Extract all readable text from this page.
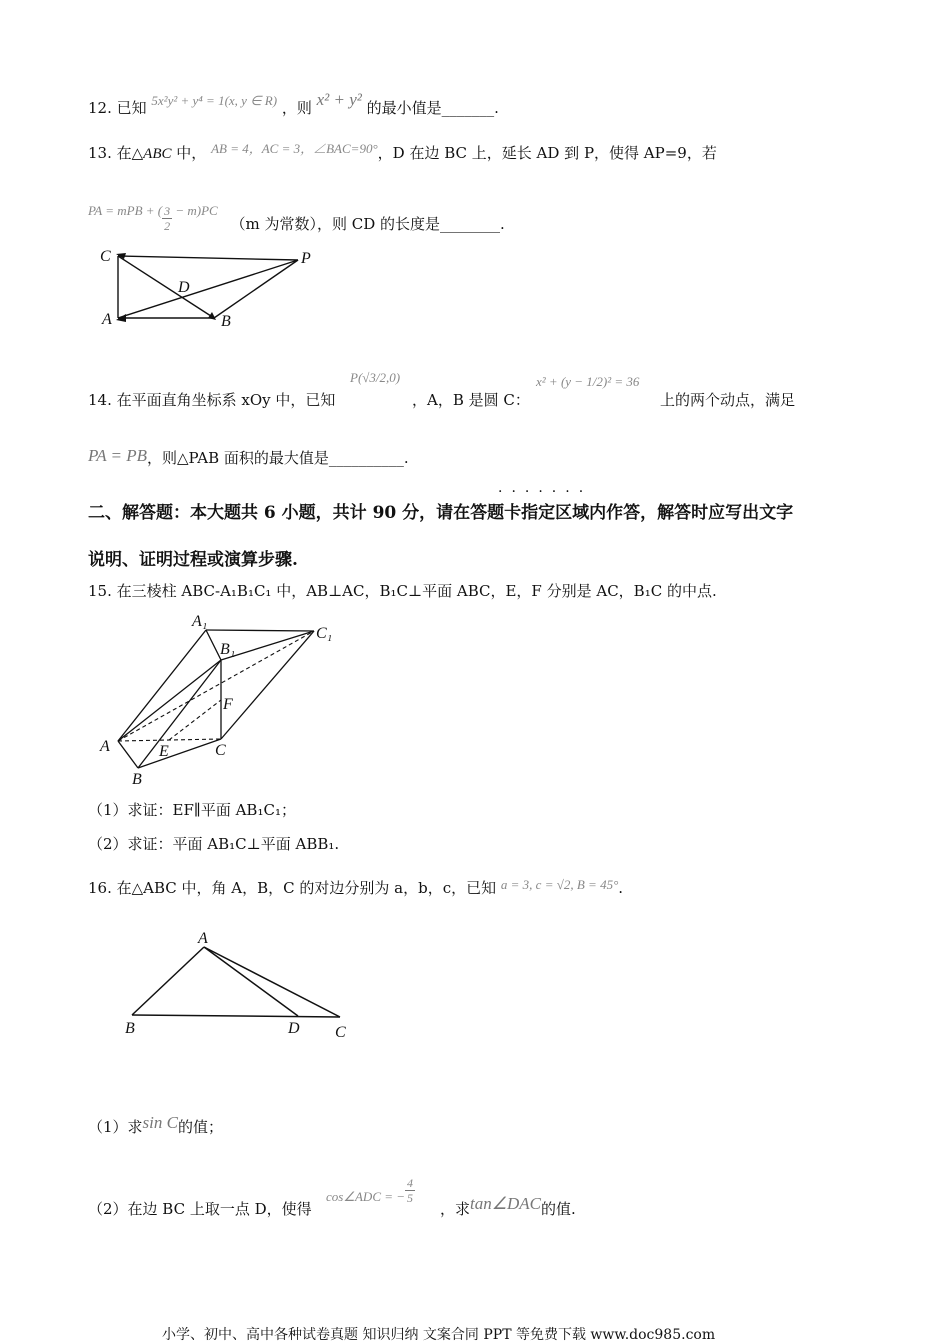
12. 已知 5x²y² + y⁴ = 1(x, y ∈ R) ，则 x² + y² 的最小值是_______.
13. 在△ABC 中， AB = 4，AC = 3，∠BAC=90°，D 在边 BC 上，延长 AD 到 P，使得 AP=9，若
PA = mPB + ( $\frac{3}{2} - m)PC$ （m 为常数），则 CD 的长度是________.
C	P
D
A	B
14. 在平面直角坐标系 xOy 中，已知
P(√3/2,0)
，A，B 是圆 C：
x² + (y − 1/2)² = 36
上的两个动点，满足
PA = PB，则△PAB 面积的最大值是__________.
·······
二、解答题：本大题共 6 小题，共计 90 分，请在答题卡指定区域内作答，解答时应写出文字
说明、证明过程或演算步骤.
15. 在三棱柱 ABC-A₁B₁C₁ 中，AB⊥AC，B₁C⊥平面 ABC，E，F 分别是 AC，B₁C 的中点.
A₁
B₁
C₁
F
A	E	C
B
（1）求证：EF∥平面 AB₁C₁；
（2）求证：平面 AB₁C⊥平面 ABB₁.
16. 在△ABC 中，角 A，B，C 的对边分别为 a，b，c，已知 a = 3, c = √2, B = 45°.
A
B	D C
（1）求sin C的值；
（2）在边 BC 上取一点 D，使得
cos∠ADC = − $\frac{4}{5}$
，求tan∠DAC的值.
小学、初中、高中各种试卷真题 知识归纳 文案合同 PPT 等免费下载 www.doc985.com
